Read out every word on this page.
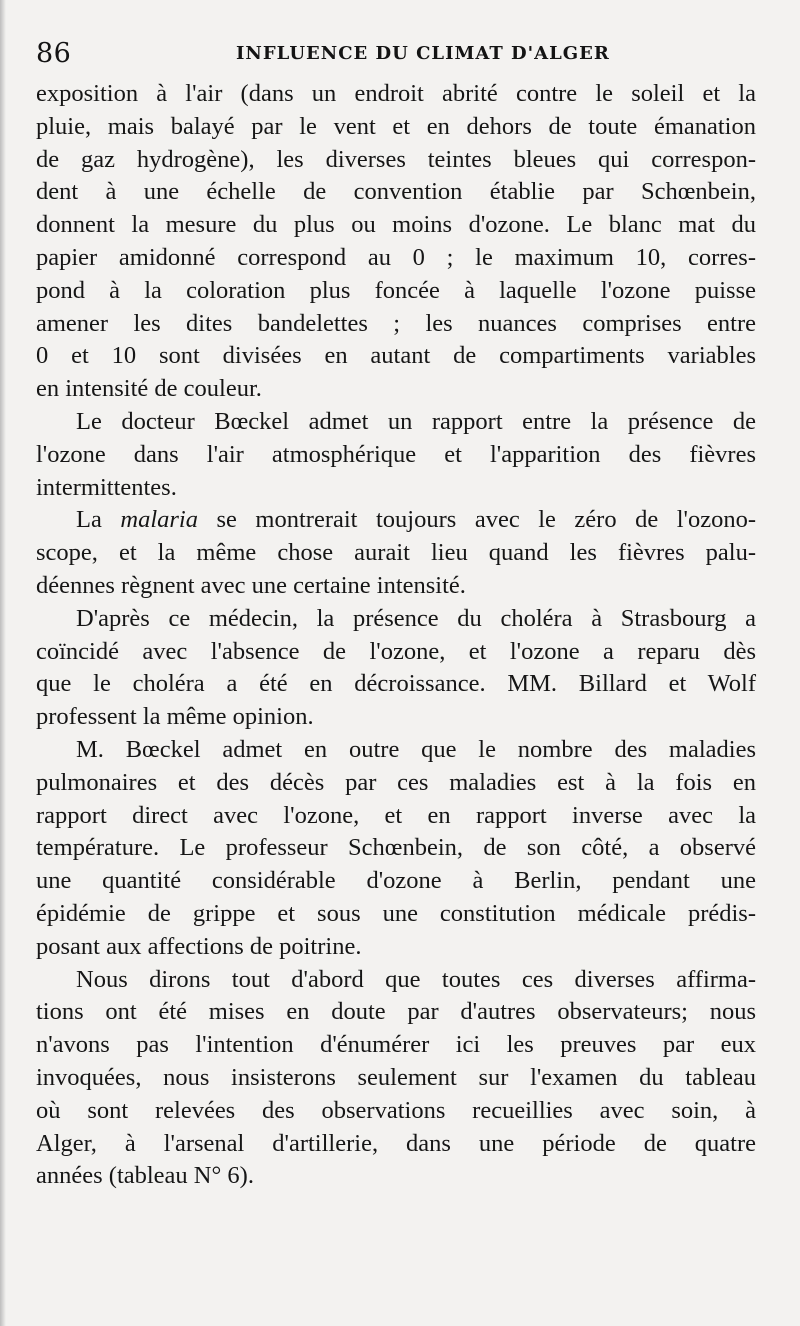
86	INFLUENCE DU CLIMAT D'ALGER
exposition à l'air (dans un endroit abrité contre le soleil et la
pluie, mais balayé par le vent et en dehors de toute émanation
de gaz hydrogène), les diverses teintes bleues qui correspon-
dent à une échelle de convention établie par Schœnbein,
donnent la mesure du plus ou moins d'ozone. Le blanc mat du
papier amidonné correspond au 0 ; le maximum 10, corres-
pond à la coloration plus foncée à laquelle l'ozone puisse
amener les dites bandelettes ; les nuances comprises entre
0 et 10 sont divisées en autant de compartiments variables
en intensité de couleur.
Le docteur Bœckel admet un rapport entre la présence de
l'ozone dans l'air atmosphérique et l'apparition des fièvres
intermittentes.
La malaria se montrerait toujours avec le zéro de l'ozono-
scope, et la même chose aurait lieu quand les fièvres palu-
déennes règnent avec une certaine intensité.
D'après ce médecin, la présence du choléra à Strasbourg a
coïncidé avec l'absence de l'ozone, et l'ozone a reparu dès
que le choléra a été en décroissance. MM. Billard et Wolf
professent la même opinion.
M. Bœckel admet en outre que le nombre des maladies
pulmonaires et des décès par ces maladies est à la fois en
rapport direct avec l'ozone, et en rapport inverse avec la
température. Le professeur Schœnbein, de son côté, a observé
une quantité considérable d'ozone à Berlin, pendant une
épidémie de grippe et sous une constitution médicale prédis-
posant aux affections de poitrine.
Nous dirons tout d'abord que toutes ces diverses affirma-
tions ont été mises en doute par d'autres observateurs; nous
n'avons pas l'intention d'énumérer ici les preuves par eux
invoquées, nous insisterons seulement sur l'examen du tableau
où sont relevées des observations recueillies avec soin, à
Alger, à l'arsenal d'artillerie, dans une période de quatre
années (tableau N° 6).
